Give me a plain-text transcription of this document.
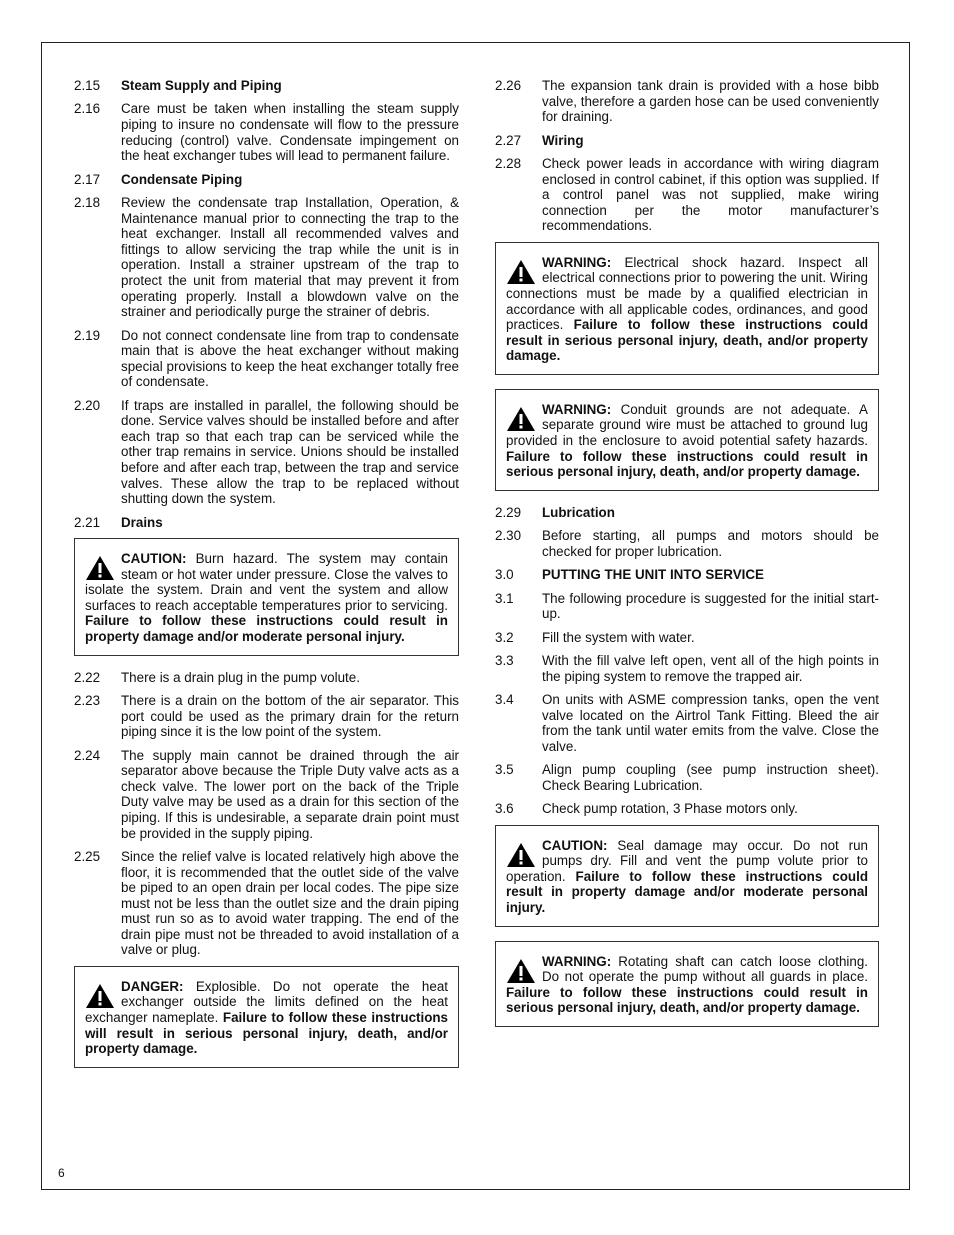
2.15	Steam Supply and Piping
2.16	Care must be taken when installing the steam supply piping to insure no condensate will flow to the pressure reducing (control) valve. Condensate impingement on the heat exchanger tubes will lead to permanent failure.
2.17	Condensate Piping
2.18	Review the condensate trap Installation, Operation, & Maintenance manual prior to connecting the trap to the heat exchanger. Install all recommended valves and fittings to allow servicing the trap while the unit is in operation. Install a strainer upstream of the trap to protect the unit from material that may prevent it from operating properly. Install a blowdown valve on the strainer and periodically purge the strainer of debris.
2.19	Do not connect condensate line from trap to condensate main that is above the heat exchanger without making special provisions to keep the heat exchanger totally free of condensate.
2.20	If traps are installed in parallel, the following should be done. Service valves should be installed before and after each trap so that each trap can be serviced while the other trap remains in service. Unions should be installed before and after each trap, between the trap and service valves. These allow the trap to be replaced without shutting down the system.
2.21	Drains
CAUTION: Burn hazard. The system may contain steam or hot water under pressure. Close the valves to isolate the system. Drain and vent the system and allow surfaces to reach acceptable temperatures prior to servicing. Failure to follow these instructions could result in property damage and/or moderate personal injury.
2.22	There is a drain plug in the pump volute.
2.23	There is a drain on the bottom of the air separator. This port could be used as the primary drain for the return piping since it is the low point of the system.
2.24	The supply main cannot be drained through the air separator above because the Triple Duty valve acts as a check valve. The lower port on the back of the Triple Duty valve may be used as a drain for this section of the piping. If this is undesirable, a separate drain point must be provided in the supply piping.
2.25	Since the relief valve is located relatively high above the floor, it is recommended that the outlet side of the valve be piped to an open drain per local codes. The pipe size must not be less than the outlet size and the drain piping must run so as to avoid water trapping. The end of the drain pipe must not be threaded to avoid installation of a valve or plug.
DANGER: Explosible. Do not operate the heat exchanger outside the limits defined on the heat exchanger nameplate. Failure to follow these instructions will result in serious personal injury, death, and/or property damage.
2.26	The expansion tank drain is provided with a hose bibb valve, therefore a garden hose can be used conveniently for draining.
2.27	Wiring
2.28	Check power leads in accordance with wiring diagram enclosed in control cabinet, if this option was supplied. If a control panel was not supplied, make wiring connection per the motor manufacturer’s recommendations.
WARNING: Electrical shock hazard. Inspect all electrical connections prior to powering the unit. Wiring connections must be made by a qualified electrician in accordance with all applicable codes, ordinances, and good practices. Failure to follow these instructions could result in serious personal injury, death, and/or property damage.
WARNING: Conduit grounds are not adequate. A separate ground wire must be attached to ground lug provided in the enclosure to avoid potential safety hazards. Failure to follow these instructions could result in serious personal injury, death, and/or property damage.
2.29	Lubrication
2.30	Before starting, all pumps and motors should be checked for proper lubrication.
3.0	PUTTING THE UNIT INTO SERVICE
3.1	The following procedure is suggested for the initial start-up.
3.2	Fill the system with water.
3.3	With the fill valve left open, vent all of the high points in the piping system to remove the trapped air.
3.4	On units with ASME compression tanks, open the vent valve located on the Airtrol Tank Fitting. Bleed the air from the tank until water emits from the valve. Close the valve.
3.5	Align pump coupling (see pump instruction sheet). Check Bearing Lubrication.
3.6	Check pump rotation, 3 Phase motors only.
CAUTION: Seal damage may occur. Do not run pumps dry. Fill and vent the pump volute prior to operation. Failure to follow these instructions could result in property damage and/or moderate personal injury.
WARNING: Rotating shaft can catch loose clothing. Do not operate the pump without all guards in place. Failure to follow these instructions could result in serious personal injury, death, and/or property damage.
6
